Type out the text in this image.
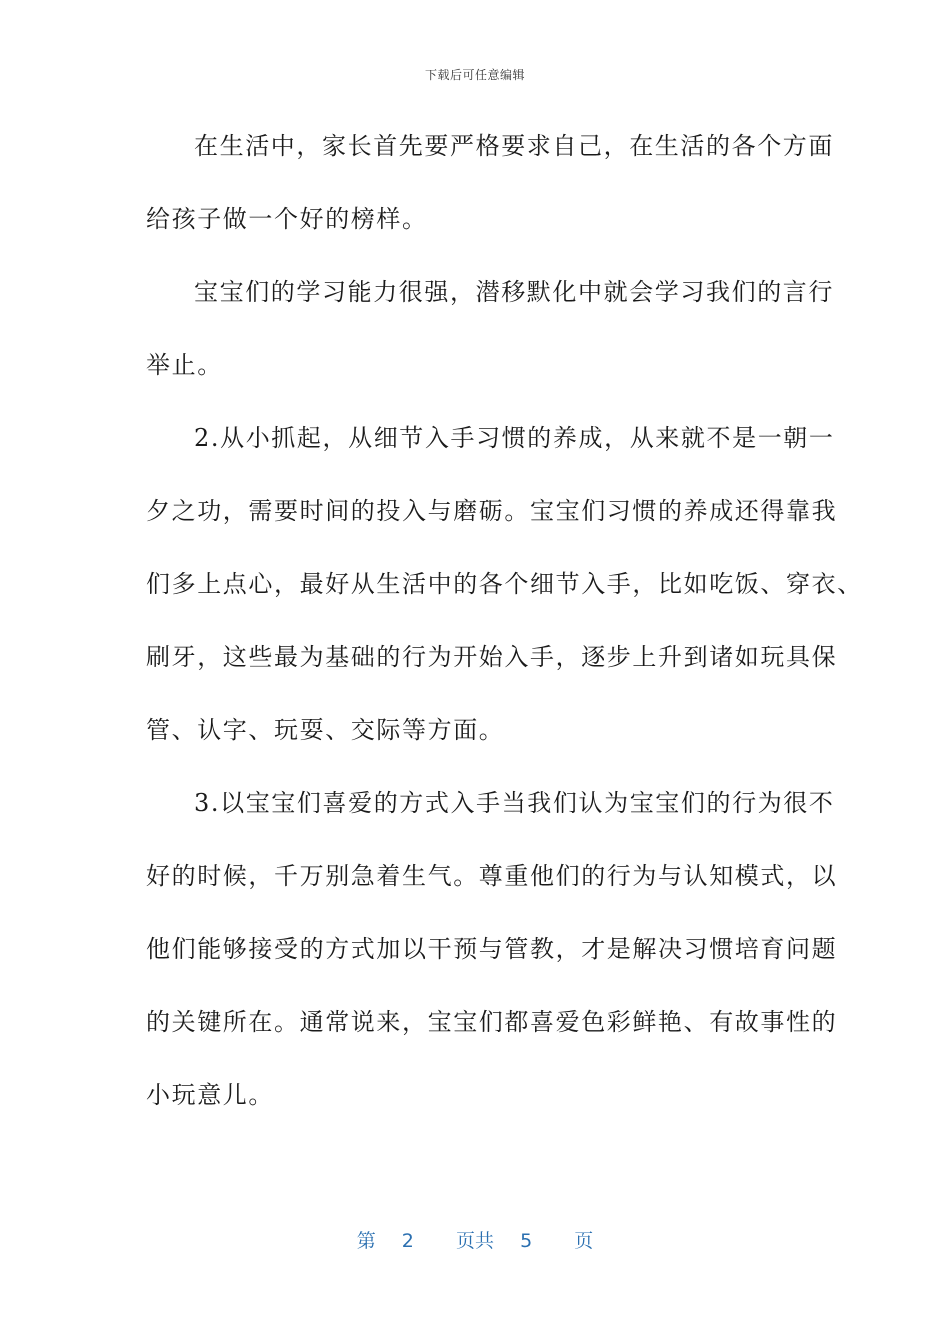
下载后可任意编辑
在生活中，家长首先要严格要求自己，在生活的各个方面
给孩子做一个好的榜样。
宝宝们的学习能力很强，潜移默化中就会学习我们的言行
举止。
2.从小抓起，从细节入手习惯的养成，从来就不是一朝一
夕之功，需要时间的投入与磨砺。宝宝们习惯的养成还得靠我
们多上点心，最好从生活中的各个细节入手，比如吃饭、穿衣、
刷牙，这些最为基础的行为开始入手，逐步上升到诸如玩具保
管、认字、玩耍、交际等方面。
3.以宝宝们喜爱的方式入手当我们认为宝宝们的行为很不
好的时候，千万别急着生气。尊重他们的行为与认知模式，以
他们能够接受的方式加以干预与管教，才是解决习惯培育问题
的关键所在。通常说来，宝宝们都喜爱色彩鲜艳、有故事性的
小玩意儿。
第 2 页共 5 页
